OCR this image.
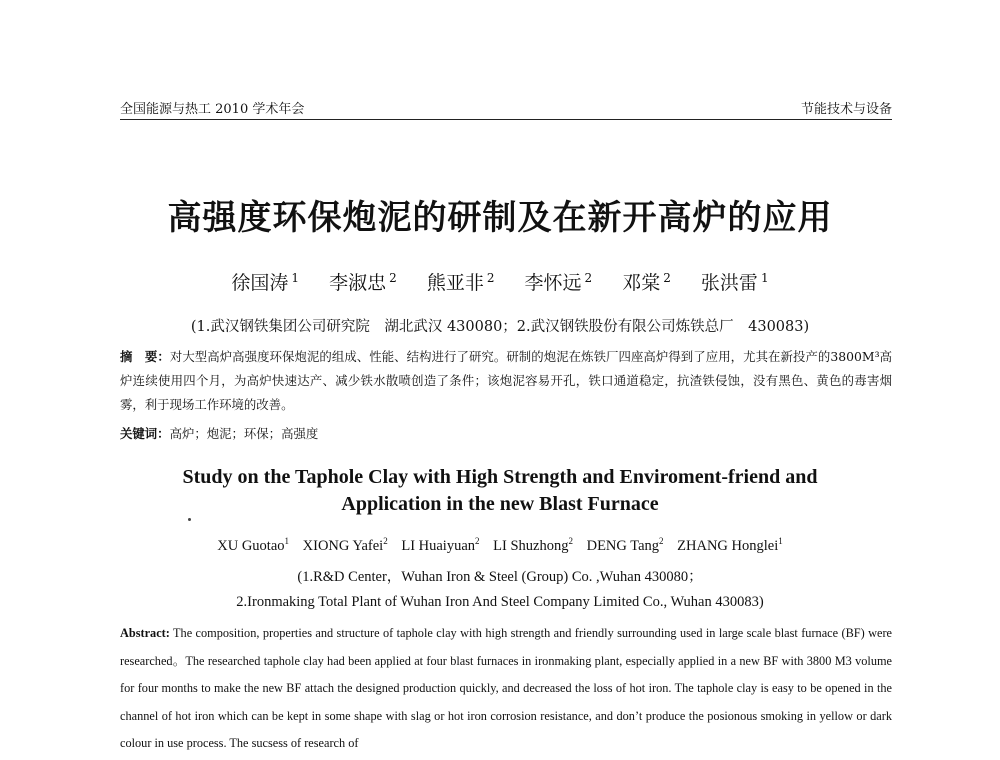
全国能源与热工 2010 学术年会	节能技术与设备
高强度环保炮泥的研制及在新开高炉的应用
徐国涛 $^1$ 李淑忠 $^2$ 熊亚非 $^2$ 李怀远 $^2$ 邓棠 $^2$ 张洪雷 $^1$
(1.武汉钢铁集团公司研究院　湖北武汉 430080；2.武汉钢铁股份有限公司炼铁总厂　430083)
摘　要：对大型高炉高强度环保炮泥的组成、性能、结构进行了研究。研制的炮泥在炼铁厂四座高炉得到了应用，尤其在新投产的3800M³高炉连续使用四个月，为高炉快速达产、减少铁水散喷创造了条件；该炮泥容易开孔，铁口通道稳定，抗渣铁侵蚀，没有黑色、黄色的毒害烟雾，利于现场工作环境的改善。
关键词：高炉；炮泥；环保；高强度
Study on the Taphole Clay with High Strength and Enviroment-friend and
Application in the new Blast Furnace
XU Guotao$^1$ XIONG Yafei$^2$ LI Huaiyuan$^2$ LI Shuzhong$^2$ DENG Tang$^2$ ZHANG Honglei$^1$
(1.R&D Center，Wuhan Iron & Steel (Group) Co. ,Wuhan 430080；
2.Ironmaking Total Plant of Wuhan Iron And Steel Company Limited Co., Wuhan 430083)
Abstract: The composition, properties and structure of taphole clay with high strength and friendly surrounding used in large scale blast furnace (BF) were researched。The researched taphole clay had been applied at four blast furnaces in ironmaking plant, especially applied in a new BF with 3800 M3 volume for four months to make the new BF attach the designed production quickly, and decreased the loss of hot iron. The taphole clay is easy to be opened in the channel of hot iron which can be kept in some shape with slag or hot iron corrosion resistance, and don’t produce the posionous smoking in yellow or dark colour in use process. The sucsess of research of
